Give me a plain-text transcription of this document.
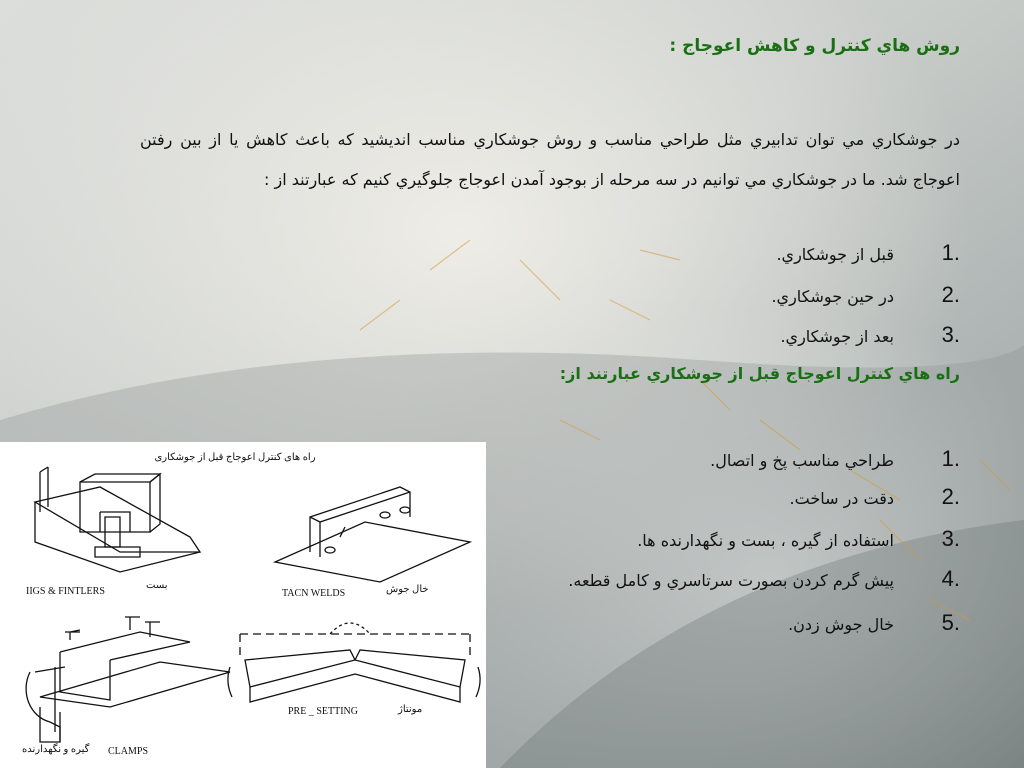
روش هاي كنترل و كاهش اعوجاج :
در جوشكاري مي توان تدابيري مثل طراحي مناسب و روش جوشكاري مناسب انديشيد كه باعث كاهش يا از بين رفتن اعوجاج شد. ما در جوشكاري مي توانيم در سه مرحله از بوجود آمدن اعوجاج جلوگيري كنيم كه عبارتند از :
1.
قبل از جوشكاري.
2.
در حين جوشكاري.
3.
بعد از جوشكاري.
راه هاي كنترل اعوجاج قبل از جوشكاري عبارتند از:
1.
طراحي مناسب پخ و اتصال.
2.
دقت در ساخت.
3.
استفاده از گيره ، بست و نگهدارنده ها.
4.
پيش گرم كردن بصورت سرتاسري و كامل قطعه.
5.
خال جوش زدن.
راه های کنترل اعوجاج قبل از جوشکاری
IIGS & FINTLERS
بست
TACN WELDS	خال جوش
CLAMPS
گیره و نگهدارنده
PRE _ SETTING	مونتاژ
